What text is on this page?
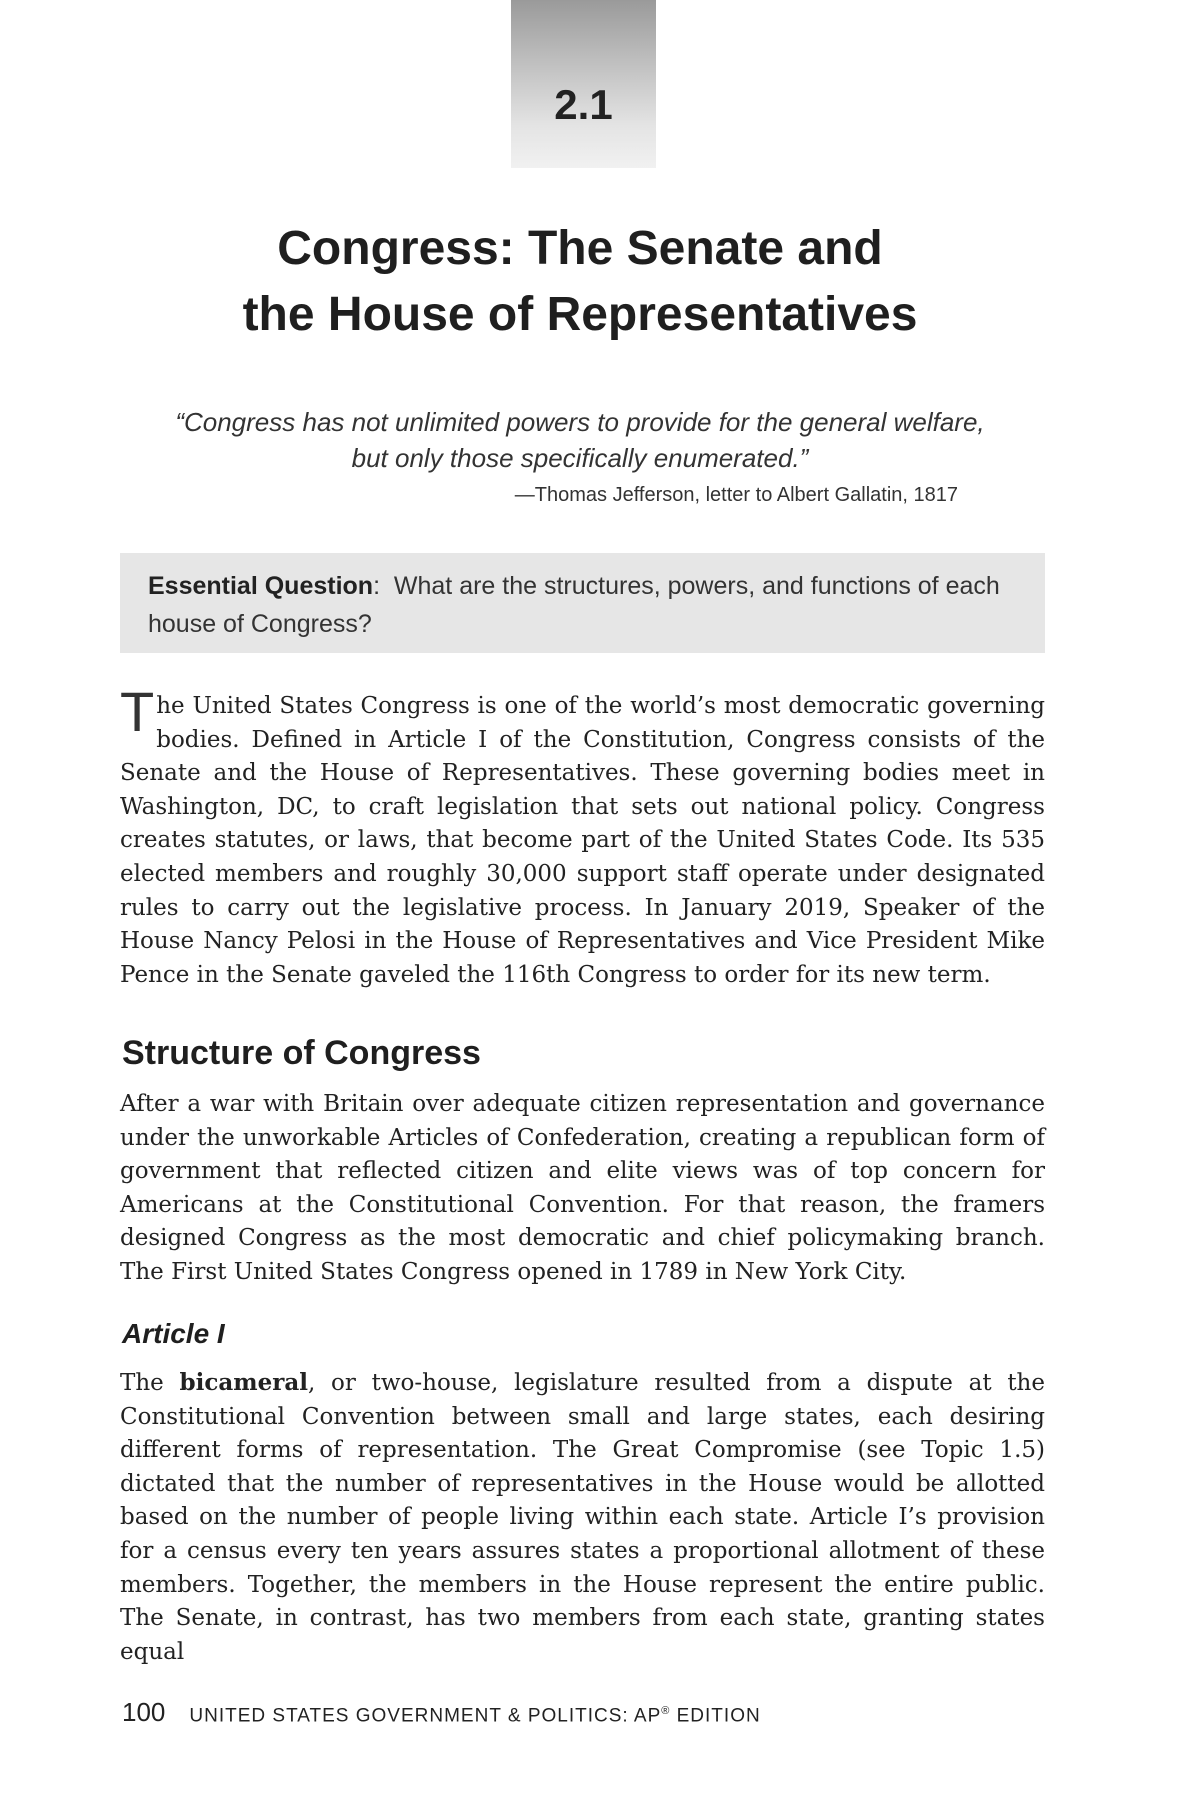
2.1
Congress: The Senate and
the House of Representatives
“Congress has not unlimited powers to provide for the general welfare,
but only those specifically enumerated.”
—Thomas Jefferson, letter to Albert Gallatin, 1817
Essential Question:  What are the structures, powers, and functions of each house of Congress?

The United States Congress is one of the world’s most democratic governing bodies. Defined in Article I of the Constitution, Congress consists of the Senate and the House of Representatives. These governing bodies meet in Washington, DC, to craft legislation that sets out national policy. Congress creates statutes, or laws, that become part of the United States Code. Its 535 elected members and roughly 30,000 support staff operate under designated rules to carry out the legislative process. In January 2019, Speaker of the House Nancy Pelosi in the House of Representatives and Vice President Mike Pence in the Senate gaveled the 116th Congress to order for its new term.

Structure of Congress

After a war with Britain over adequate citizen representation and governance under the unworkable Articles of Confederation, creating a republican form of government that reflected citizen and elite views was of top concern for Americans at the Constitutional Convention. For that reason, the framers designed Congress as the most democratic and chief policymaking branch. The First United States Congress opened in 1789 in New York City.

Article I

The bicameral, or two-house, legislature resulted from a dispute at the Constitutional Convention between small and large states, each desiring different forms of representation. The Great Compromise (see Topic 1.5) dictated that the number of representatives in the House would be allotted based on the number of people living within each state. Article I’s provision for a census every ten years assures states a proportional allotment of these members. Together, the members in the House represent the entire public. The Senate, in contrast, has two members from each state, granting states equal

100 UNITED STATES GOVERNMENT & POLITICS: AP® EDITION
